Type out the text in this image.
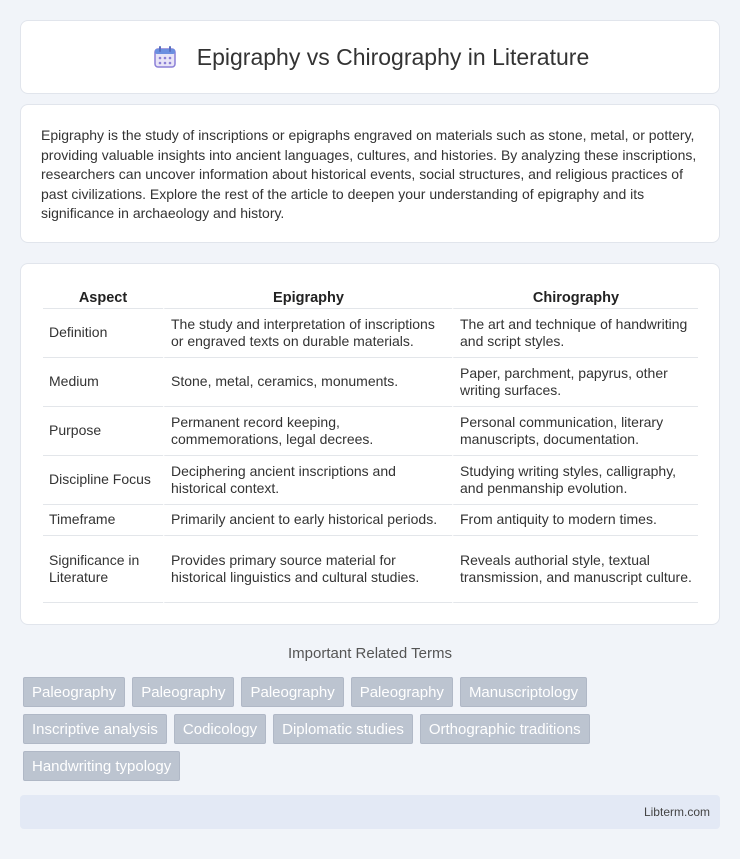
Epigraphy vs Chirography in Literature

Epigraphy is the study of inscriptions or epigraphs engraved on materials such as stone, metal, or pottery, providing valuable insights into ancient languages, cultures, and histories. By analyzing these inscriptions, researchers can uncover information about historical events, social structures, and religious practices of past civilizations. Explore the rest of the article to deepen your understanding of epigraphy and its significance in archaeology and history.

Aspect	Epigraphy	Chirography
Definition	The study and interpretation of inscriptions or engraved texts on durable materials.	The art and technique of handwriting and script styles.
Medium	Stone, metal, ceramics, monuments.	Paper, parchment, papyrus, other writing surfaces.
Purpose	Permanent record keeping, commemorations, legal decrees.	Personal communication, literary manuscripts, documentation.
Discipline Focus	Deciphering ancient inscriptions and historical context.	Studying writing styles, calligraphy, and penmanship evolution.
Timeframe	Primarily ancient to early historical periods.	From antiquity to modern times.
Significance in Literature	Provides primary source material for historical linguistics and cultural studies.	Reveals authorial style, textual transmission, and manuscript culture.
Important Related Terms
Paleography	Paleography	Paleography	Paleography	Manuscriptology
Inscriptive analysis	Codicology	Diplomatic studies	Orthographic traditions
Handwriting typology
Libterm.com
